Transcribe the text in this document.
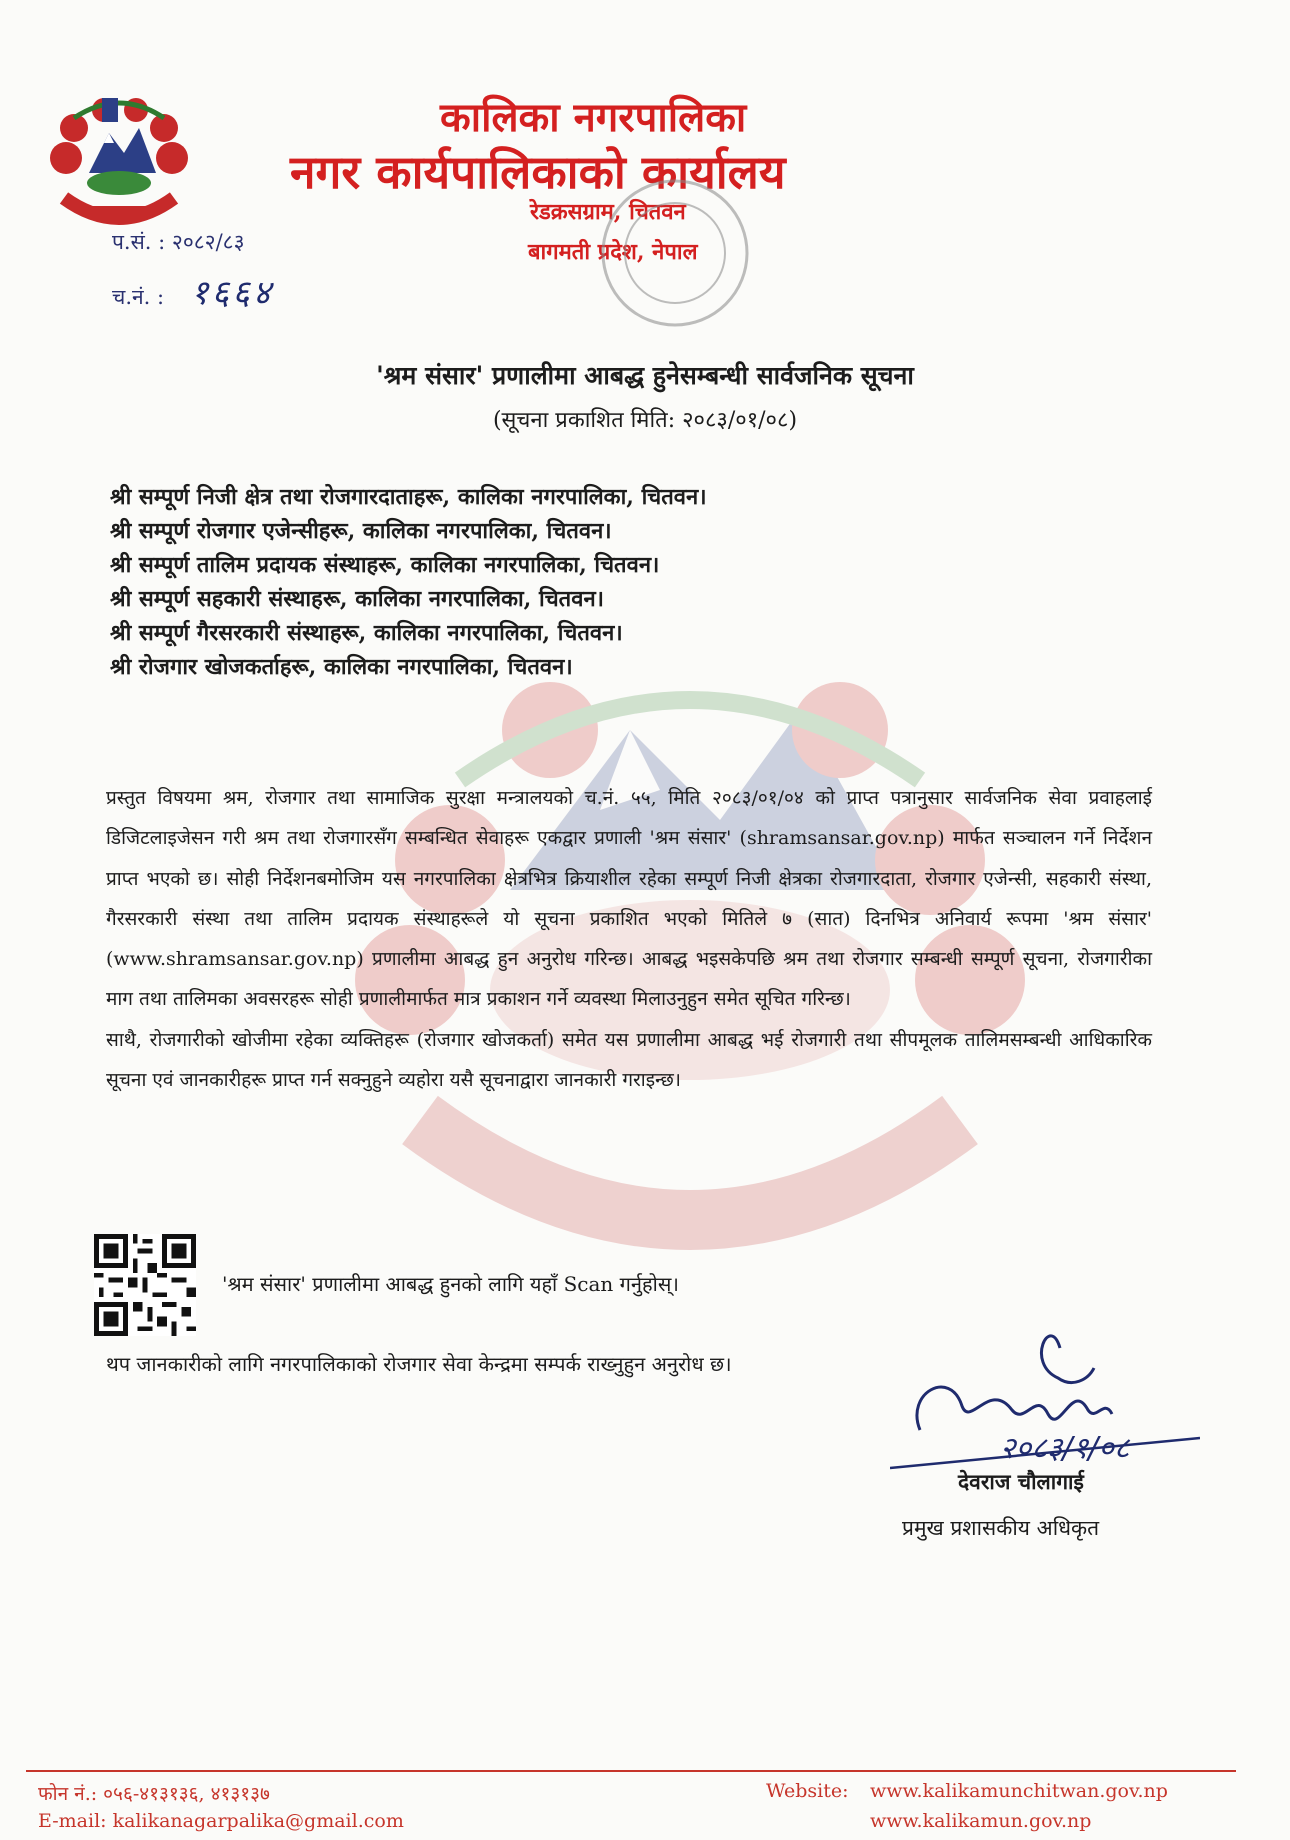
कालिका नगरपालिका
नगर कार्यपालिकाको कार्यालय
रेडक्रसग्राम, चितवन
बागमती प्रदेश, नेपाल
प.सं. : २०८२/८३
च.नं. : १६६४
'श्रम संसार' प्रणालीमा आबद्ध हुनेसम्बन्धी सार्वजनिक सूचना
(सूचना प्रकाशित मिति: २०८३/०१/०८)
श्री सम्पूर्ण निजी क्षेत्र तथा रोजगारदाताहरू, कालिका नगरपालिका, चितवन।
श्री सम्पूर्ण रोजगार एजेन्सीहरू, कालिका नगरपालिका, चितवन।
श्री सम्पूर्ण तालिम प्रदायक संस्थाहरू, कालिका नगरपालिका, चितवन।
श्री सम्पूर्ण सहकारी संस्थाहरू, कालिका नगरपालिका, चितवन।
श्री सम्पूर्ण गैरसरकारी संस्थाहरू, कालिका नगरपालिका, चितवन।
श्री रोजगार खोजकर्ताहरू, कालिका नगरपालिका, चितवन।

प्रस्तुत विषयमा श्रम, रोजगार तथा सामाजिक सुरक्षा मन्त्रालयको च.नं. ५५, मिति २०८३/०१/०४ को प्राप्त पत्रानुसार सार्वजनिक सेवा प्रवाहलाई डिजिटलाइजेसन गरी श्रम तथा रोजगारसँग सम्बन्धित सेवाहरू एकद्वार प्रणाली 'श्रम संसार' (shramsansar.gov.np) मार्फत सञ्चालन गर्ने निर्देशन प्राप्त भएको छ। सोही निर्देशनबमोजिम यस नगरपालिका क्षेत्रभित्र क्रियाशील रहेका सम्पूर्ण निजी क्षेत्रका रोजगारदाता, रोजगार एजेन्सी, सहकारी संस्था, गैरसरकारी संस्था तथा तालिम प्रदायक संस्थाहरूले यो सूचना प्रकाशित भएको मितिले ७ (सात) दिनभित्र अनिवार्य रूपमा 'श्रम संसार' (www.shramsansar.gov.np) प्रणालीमा आबद्ध हुन अनुरोध गरिन्छ। आबद्ध भइसकेपछि श्रम तथा रोजगार सम्बन्धी सम्पूर्ण सूचना, रोजगारीका माग तथा तालिमका अवसरहरू सोही प्रणालीमार्फत मात्र प्रकाशन गर्ने व्यवस्था मिलाउनुहुन समेत सूचित गरिन्छ।

साथै, रोजगारीको खोजीमा रहेका व्यक्तिहरू (रोजगार खोजकर्ता) समेत यस प्रणालीमा आबद्ध भई रोजगारी तथा सीपमूलक तालिमसम्बन्धी आधिकारिक सूचना एवं जानकारीहरू प्राप्त गर्न सक्नुहुने व्यहोरा यसै सूचनाद्वारा जानकारी गराइन्छ।

'श्रम संसार' प्रणालीमा आबद्ध हुनको लागि यहाँ Scan गर्नुहोस्।
थप जानकारीको लागि नगरपालिकाको रोजगार सेवा केन्द्रमा सम्पर्क राख्नुहुन अनुरोध छ।
२०८३/१/०८
देवराज चौलागाई
प्रमुख प्रशासकीय अधिकृत
फोन नं.: ०५६-४१३१३६, ४१३१३७
E-mail: kalikanagarpalika@gmail.com
Website: www.kalikamunchitwan.gov.np
www.kalikamun.gov.np
